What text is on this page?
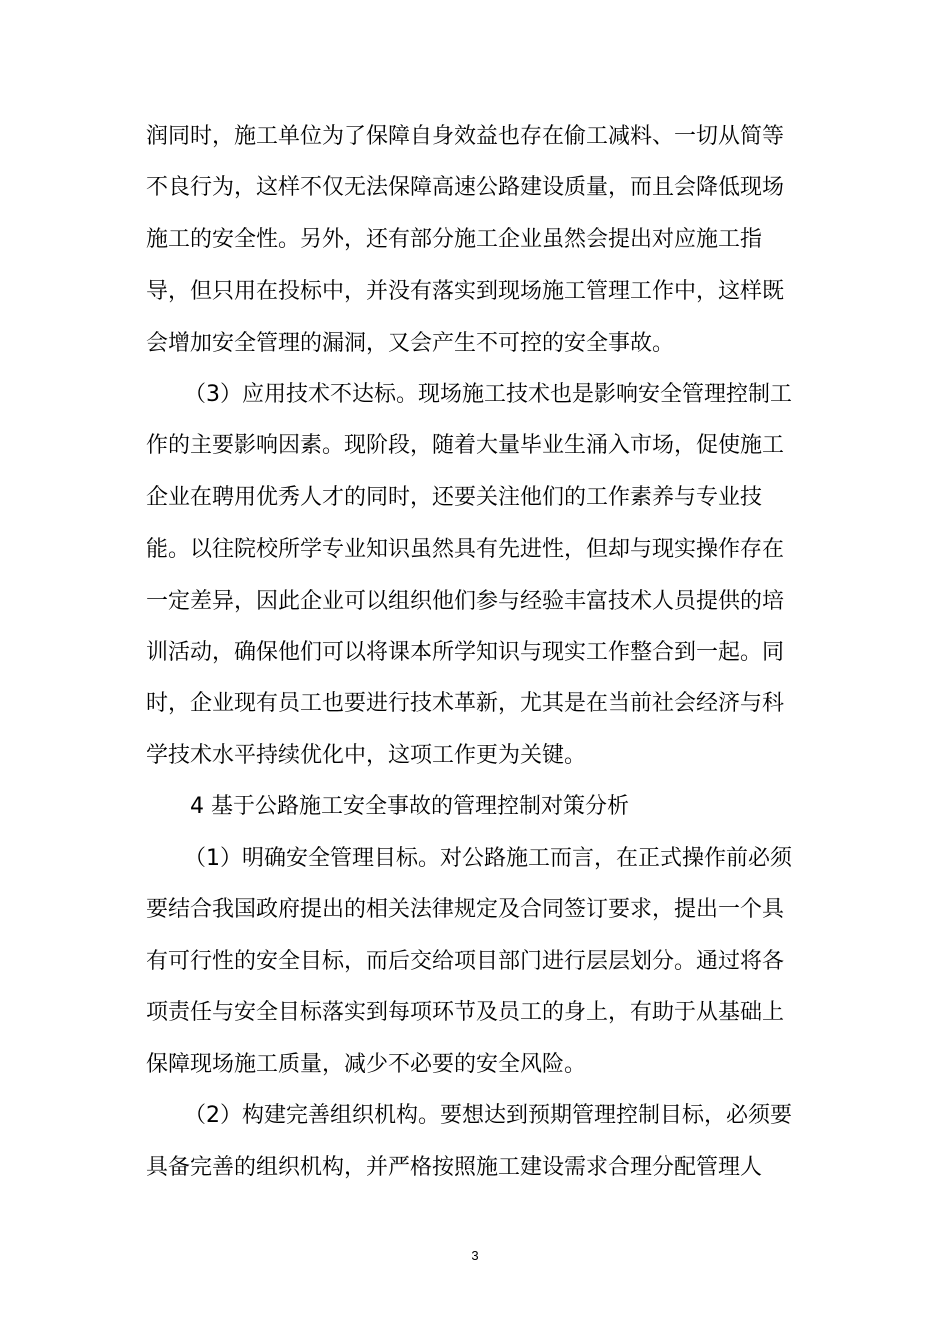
润同时，施工单位为了保障自身效益也存在偷工减料、一切从简等

不良行为，这样不仅无法保障高速公路建设质量，而且会降低现场

施工的安全性。另外，还有部分施工企业虽然会提出对应施工指

导，但只用在投标中，并没有落实到现场施工管理工作中，这样既

会增加安全管理的漏洞，又会产生不可控的安全事故。

（3）应用技术不达标。现场施工技术也是影响安全管理控制工

作的主要影响因素。现阶段，随着大量毕业生涌入市场，促使施工

企业在聘用优秀人才的同时，还要关注他们的工作素养与专业技

能。以往院校所学专业知识虽然具有先进性，但却与现实操作存在

一定差异，因此企业可以组织他们参与经验丰富技术人员提供的培

训活动，确保他们可以将课本所学知识与现实工作整合到一起。同

时，企业现有员工也要进行技术革新，尤其是在当前社会经济与科

学技术水平持续优化中，这项工作更为关键。

4 基于公路施工安全事故的管理控制对策分析

（1）明确安全管理目标。对公路施工而言，在正式操作前必须

要结合我国政府提出的相关法律规定及合同签订要求，提出一个具

有可行性的安全目标，而后交给项目部门进行层层划分。通过将各

项责任与安全目标落实到每项环节及员工的身上，有助于从基础上

保障现场施工质量，减少不必要的安全风险。

（2）构建完善组织机构。要想达到预期管理控制目标，必须要

具备完善的组织机构，并严格按照施工建设需求合理分配管理人

3
